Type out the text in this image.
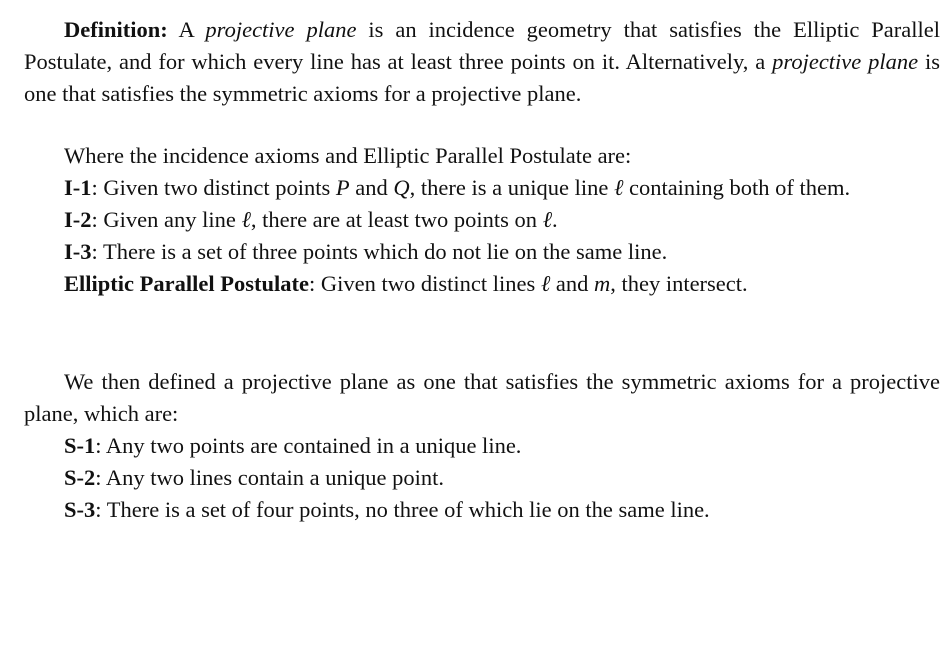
Definition: A projective plane is an incidence geometry that satisfies the Elliptic Parallel Postulate, and for which every line has at least three points on it. Alternatively, a projective plane is one that satisfies the symmetric axioms for a projective plane.

Where the incidence axioms and Elliptic Parallel Postulate are:

I-1: Given two distinct points P and Q, there is a unique line ℓ containing both of them.

I-2: Given any line ℓ, there are at least two points on ℓ.

I-3: There is a set of three points which do not lie on the same line.

Elliptic Parallel Postulate: Given two distinct lines ℓ and m, they intersect.

We then defined a projective plane as one that satisfies the symmetric axioms for a projective plane, which are:

S-1: Any two points are contained in a unique line.

S-2: Any two lines contain a unique point.

S-3: There is a set of four points, no three of which lie on the same line.
